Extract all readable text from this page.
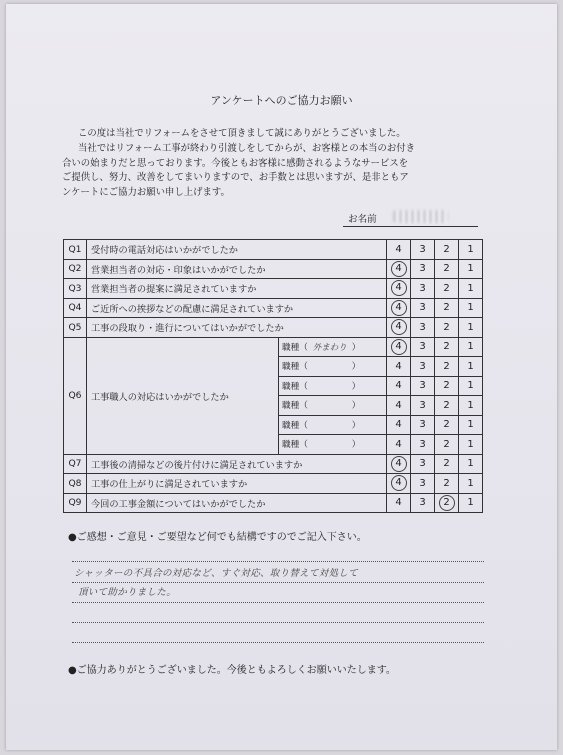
アンケートへのご協力お願い

この度は当社でリフォームをさせて頂きまして誠にありがとうございました。

当社ではリフォーム工事が終わり引渡しをしてからが、お客様との本当のお付き

合いの始まりだと思っております。今後ともお客様に感動されるようなサービスを

ご提供し、努力、改善をしてまいりますので、お手数とは思いますが、是非ともア

ンケートにご協力お願い申し上げます。

お名前
Q1	受付時の電話対応はいかがでしたか		4	3	2	1
Q2	営業担当者の対応・印象はいかがでしたか		4	3	2	1
Q3	営業担当者の提案に満足されていますか		4	3	2	1
Q4	ご近所への挨拶などの配慮に満足されていますか		4	3	2	1
Q5	工事の段取り・進行についてはいかがでしたか		4	3	2	1
Q6	工事職人の対応はいかがでしたか	職種（ 外まわり ）	4	3	2	1
		職種（ ）	4	3	2	1
		職種（ ）	4	3	2	1
		職種（ ）	4	3	2	1
		職種（ ）	4	3	2	1
		職種（ ）	4	3	2	1
Q7	工事後の清掃などの後片付けに満足されていますか		4	3	2	1
Q8	工事の仕上がりに満足されていますか		4	3	2	1
Q9	今回の工事金額についてはいかがでしたか		4	3	2	1
●ご感想・ご意見・ご要望など何でも結構ですのでご記入下さい。
シャッターの不具合の対応など、すぐ対応、取り替えて対処して
頂いて助かりました。
●ご協力ありがとうございました。今後ともよろしくお願いいたします。
